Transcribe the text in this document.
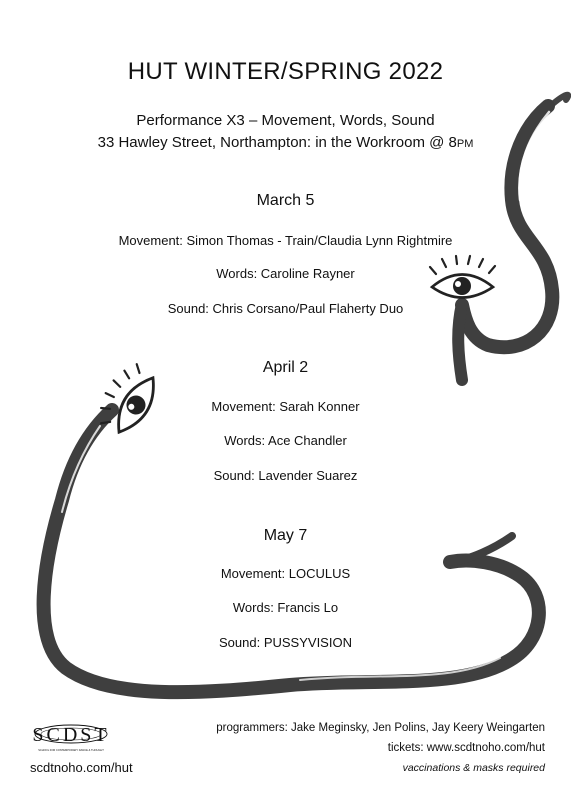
HUT WINTER/SPRING 2022
Performance X3 – Movement, Words, Sound
33 Hawley Street, Northampton: in the Workroom @ 8PM
March 5
Movement: Simon Thomas - Train/Claudia Lynn Rightmire
Words: Caroline Rayner
Sound: Chris Corsano/Paul Flaherty Duo
April 2
Movement: Sarah Konner
Words: Ace Chandler
Sound: Lavender Suarez
May 7
Movement: LOCULUS
Words: Francis Lo
Sound: PUSSYVISION
SCDST
SCHOOL FOR CONTEMPORARY DANCE & THOUGHT
scdtnoho.com/hut
programmers: Jake Meginsky, Jen Polins, Jay Keery Weingarten
tickets: www.scdtnoho.com/hut
vaccinations & masks required
